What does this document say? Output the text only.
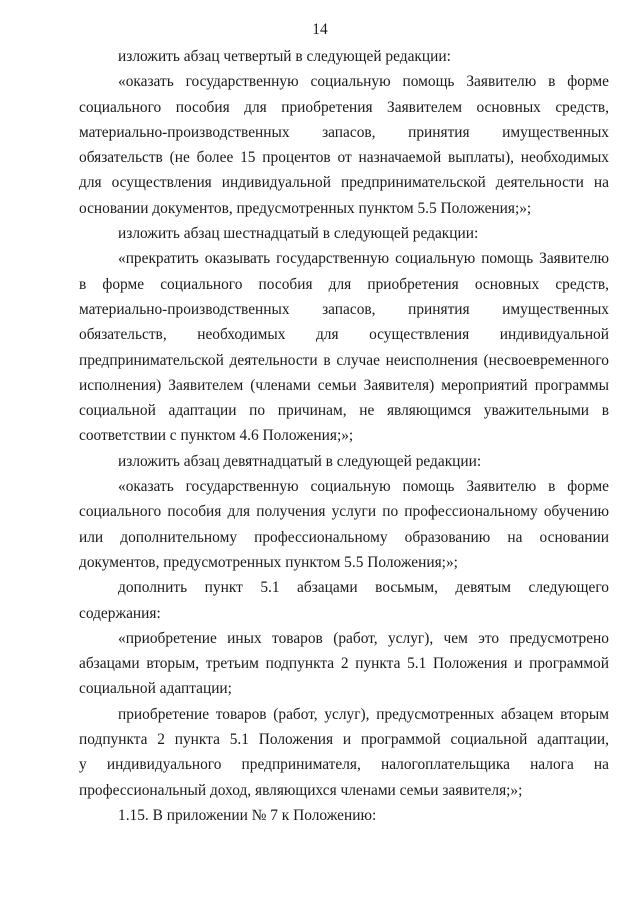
14
изложить абзац четвертый в следующей редакции:
«оказать государственную социальную помощь Заявителю в форме
социального пособия для приобретения Заявителем основных средств,
материально-производственных запасов, принятия имущественных
обязательств (не более 15 процентов от назначаемой выплаты), необходимых
для осуществления индивидуальной предпринимательской деятельности на
основании документов, предусмотренных пунктом 5.5 Положения;»;
изложить абзац шестнадцатый в следующей редакции:
«прекратить оказывать государственную социальную помощь Заявителю
в форме социального пособия для приобретения основных средств,
материально-производственных запасов, принятия имущественных
обязательств, необходимых для осуществления индивидуальной
предпринимательской деятельности в случае неисполнения (несвоевременного
исполнения) Заявителем (членами семьи Заявителя) мероприятий программы
социальной адаптации по причинам, не являющимся уважительными в
соответствии с пунктом 4.6 Положения;»;
изложить абзац девятнадцатый в следующей редакции:
«оказать государственную социальную помощь Заявителю в форме
социального пособия для получения услуги по профессиональному обучению
или дополнительному профессиональному образованию на основании
документов, предусмотренных пунктом 5.5 Положения;»;
дополнить пункт 5.1 абзацами восьмым, девятым следующего
содержания:
«приобретение иных товаров (работ, услуг), чем это предусмотрено
абзацами вторым, третьим подпункта 2 пункта 5.1 Положения и программой
социальной адаптации;
приобретение товаров (работ, услуг), предусмотренных абзацем вторым
подпункта 2 пункта 5.1 Положения и программой социальной адаптации,
у индивидуального предпринимателя, налогоплательщика налога на
профессиональный доход, являющихся членами семьи заявителя;»;
1.15. В приложении № 7 к Положению:
